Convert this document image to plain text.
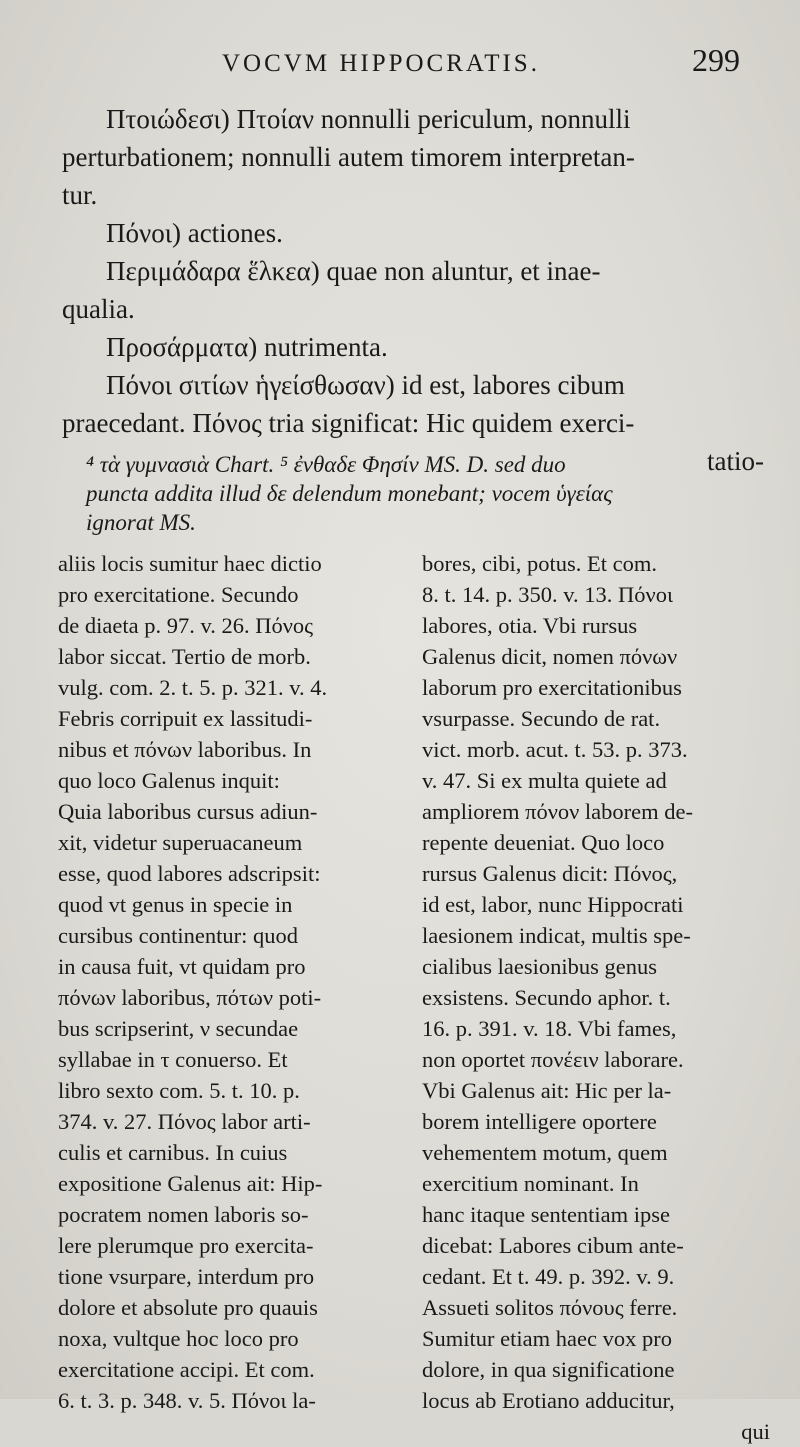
VOCVM HIPPOCRATIS.	299

Πτοιώδεσι) Πτοίαν nonnulli periculum, nonnulli

perturbationem; nonnulli autem timorem interpretan-

tur.

Πόνοι) actiones.

Περιμάδαρα ἕλκεα) quae non aluntur, et inae-

qualia.

Προσάρματα) nutrimenta.

Πόνοι σιτίων ἡγείσθωσαν) id est, labores cibum

praecedant. Πόνος tria significat: Hic quidem exerci-

tatio-

⁴ τὰ γυμνασιὰ Chart. ⁵ ἐνθαδε Φησίν MS. D. sed duo

puncta addita illud δε delendum monebant; vocem ὑγείας

ignorat MS.

aliis locis sumitur haec dictio

pro exercitatione. Secundo

de diaeta p. 97. v. 26. Πόνος

labor siccat. Tertio de morb.

vulg. com. 2. t. 5. p. 321. v. 4.

Febris corripuit ex lassitudi-

nibus et πόνων laboribus. In

quo loco Galenus inquit:

Quia laboribus cursus adiun-

xit, videtur superuacaneum

esse, quod labores adscripsit:

quod vt genus in specie in

cursibus continentur: quod

in causa fuit, vt quidam pro

πόνων laboribus, πότων poti-

bus scripserint, ν secundae

syllabae in τ conuerso. Et

libro sexto com. 5. t. 10. p.

374. v. 27. Πόνος labor arti-

culis et carnibus. In cuius

expositione Galenus ait: Hip-

pocratem nomen laboris so-

lere plerumque pro exercita-

tione vsurpare, interdum pro

dolore et absolute pro quauis

noxa, vultque hoc loco pro

exercitatione accipi. Et com.

6. t. 3. p. 348. v. 5. Πόνοι la-

bores, cibi, potus. Et com.

8. t. 14. p. 350. v. 13. Πόνοι

labores, otia. Vbi rursus

Galenus dicit, nomen πόνων

laborum pro exercitationibus

vsurpasse. Secundo de rat.

vict. morb. acut. t. 53. p. 373.

v. 47. Si ex multa quiete ad

ampliorem πόνον laborem de-

repente deueniat. Quo loco

rursus Galenus dicit: Πόνος,

id est, labor, nunc Hippocrati

laesionem indicat, multis spe-

cialibus laesionibus genus

exsistens. Secundo aphor. t.

16. p. 391. v. 18. Vbi fames,

non oportet πονέειν laborare.

Vbi Galenus ait: Hic per la-

borem intelligere oportere

vehementem motum, quem

exercitium nominant. In

hanc itaque sententiam ipse

dicebat: Labores cibum ante-

cedant. Et t. 49. p. 392. v. 9.

Assueti solitos πόνους ferre.

Sumitur etiam haec vox pro

dolore, in qua significatione

locus ab Erotiano adducitur,

qui
